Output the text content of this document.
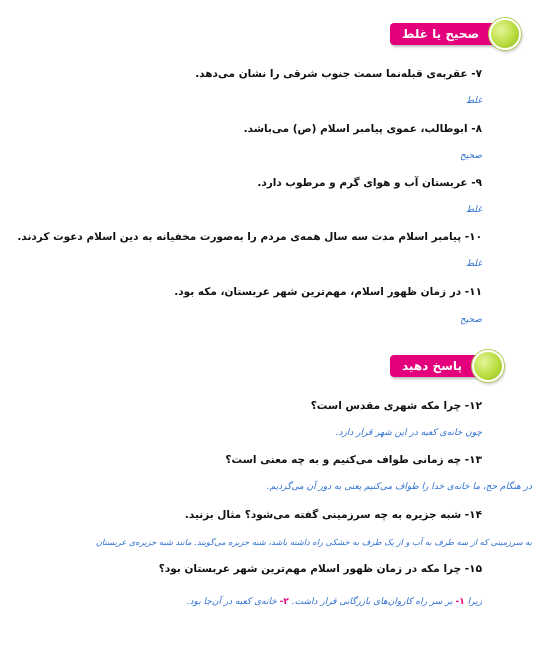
صحیح یا غلط
۷- عقربه‌ی قبله‌نما سمت جنوب شرقی را نشان می‌دهد.
غلط
۸- ابوطالب، عموی پیامبر اسلام (ص) می‌باشد.
صحیح
۹- عربستان آب و هوای گرم و مرطوب دارد.
غلط
۱۰- پیامبر اسلام مدت سه سال همه‌ی مردم را به‌صورت مخفیانه به دین اسلام دعوت کردند.
غلط
۱۱- در زمان ظهور اسلام، مهم‌ترین شهر عربستان، مکه بود.
صحیح
پاسخ دهید
۱۲- چرا مکه شهری مقدس است؟
چون خانه‌ی کعبه در این شهر قرار دارد.
۱۳- چه زمانی طواف می‌کنیم و به چه معنی است؟
در هنگام حج، ما خانه‌ی خدا را طواف می‌کنیم یعنی به دور آن می‌گردیم.
۱۴- شبه جزیره به چه سرزمینی گفته می‌شود؟ مثال بزنید.
به سرزمینی که از سه طرف به آب و از یک طرف به خشکی راه داشته باشد، شبه جزیره می‌گویند. مانند شبه جزیره‌ی عربستان
۱۵- چرا مکه در زمان ظهور اسلام مهم‌ترین شهر عربستان بود؟
زیرا ۱- بر سر راه کاروان‌های بازرگانی قرار داشت. ۲- خانه‌ی کعبه در آن‌جا بود.
